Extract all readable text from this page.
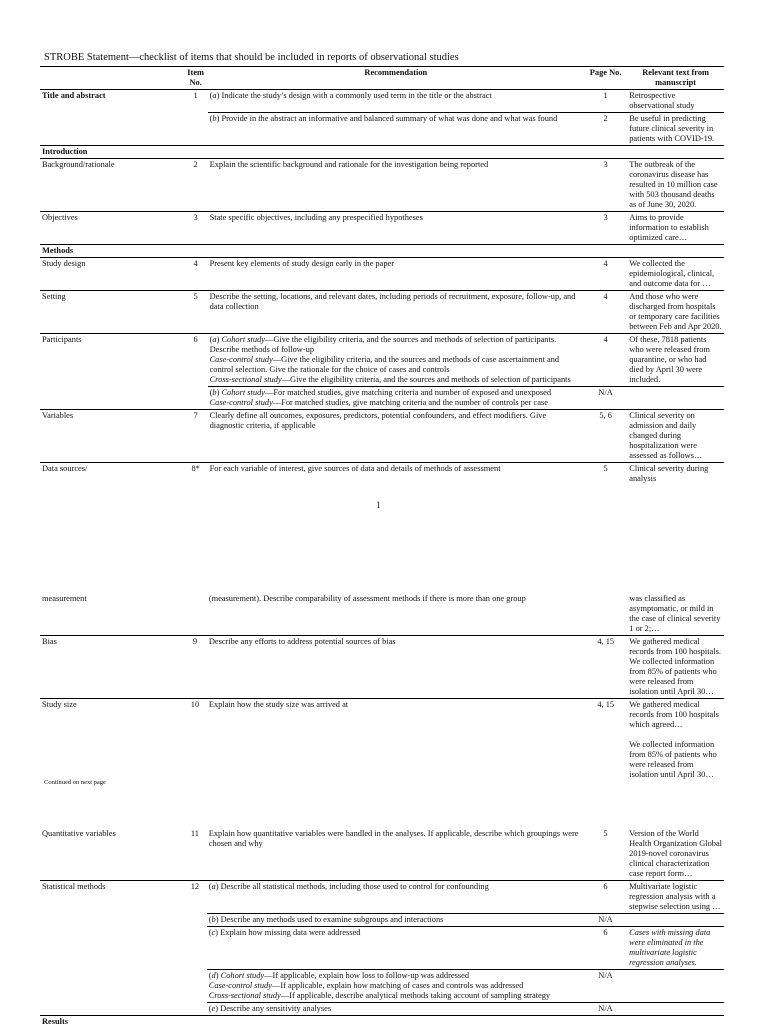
STROBE Statement—checklist of items that should be included in reports of observational studies
	Item No.	Recommendation	Page No.	Relevant text from manuscript
Title and abstract	1	(a) Indicate the study’s design with a commonly used term in the title or the abstract	1	Retrospective observational study
		(b) Provide in the abstract an informative and balanced summary of what was done and what was found	2	Be useful in predicting future clinical severity in patients with COVID-19.
Introduction				
Background/rationale	2	Explain the scientific background and rationale for the investigation being reported	3	The outbreak of the coronavirus disease has resulted in 10 million case with 503 thousand deaths as of June 30, 2020.
Objectives	3	State specific objectives, including any prespecified hypotheses	3	Aims to provide information to establish optimized care…
Methods				
Study design	4	Present key elements of study design early in the paper	4	We collected the epidemiological, clinical, and outcome data for …
Setting	5	Describe the setting, locations, and relevant dates, including periods of recruitment, exposure, follow-up, and data collection	4	And those who were discharged from hospitals or temporary care facilities between Feb and Apr 2020.
Participants	6	(a) Cohort study—Give the eligibility criteria, and the sources and methods of selection of participants. Describe methods of follow-up
Case-control study—Give the eligibility criteria, and the sources and methods of case ascertainment and control selection. Give the rationale for the choice of cases and controls
Cross-sectional study—Give the eligibility criteria, and the sources and methods of selection of participants	4	Of these, 7818 patients who were released from quarantine, or who had died by April 30 were included.
		(b) Cohort study—For matched studies, give matching criteria and number of exposed and unexposed
Case-control study—For matched studies, give matching criteria and the number of controls per case	N/A	
Variables	7	Clearly define all outcomes, exposures, predictors, potential confounders, and effect modifiers. Give diagnostic criteria, if applicable	5, 6	Clinical severity on admission and daily changed during hospitalization were assessed as follows…
Data sources/	8*	For each variable of interest, give sources of data and details of methods of assessment	5	Clinical severity during analysis
1
measurement		(measurement). Describe comparability of assessment methods if there is more than one group		was classified as asymptomatic, or mild in the case of clinical severity 1 or 2;…
Bias	9	Describe any efforts to address potential sources of bias	4, 15	We gathered medical records from 100 hospitals.
We collected information from 85% of patients who were released from isolation until April 30…
Study size	10	Explain how the study size was arrived at	4, 15	We gathered medical records from 100 hospitals which agreed…

We collected information from 85% of patients who were released from isolation until April 30…
Continued on next page
Quantitative variables	11	Explain how quantitative variables were handled in the analyses. If applicable, describe which groupings were chosen and why	5	Version of the World Health Organization Global 2019-novel coronavirus clinical characterization case report form…
Statistical methods	12	(a) Describe all statistical methods, including those used to control for confounding	6	Multivariate logistic regression analysis with a stepwise selection using …
		(b) Describe any methods used to examine subgroups and interactions	N/A	
		(c) Explain how missing data were addressed	6	Cases with missing data were eliminated in the multivariate logistic regression analyses.
		(d) Cohort study—If applicable, explain how loss to follow-up was addressed
Case-control study—If applicable, explain how matching of cases and controls was addressed
Cross-sectional study—If applicable, describe analytical methods taking account of sampling strategy	N/A	
		(e) Describe any sensitivity analyses	N/A	
Results				
